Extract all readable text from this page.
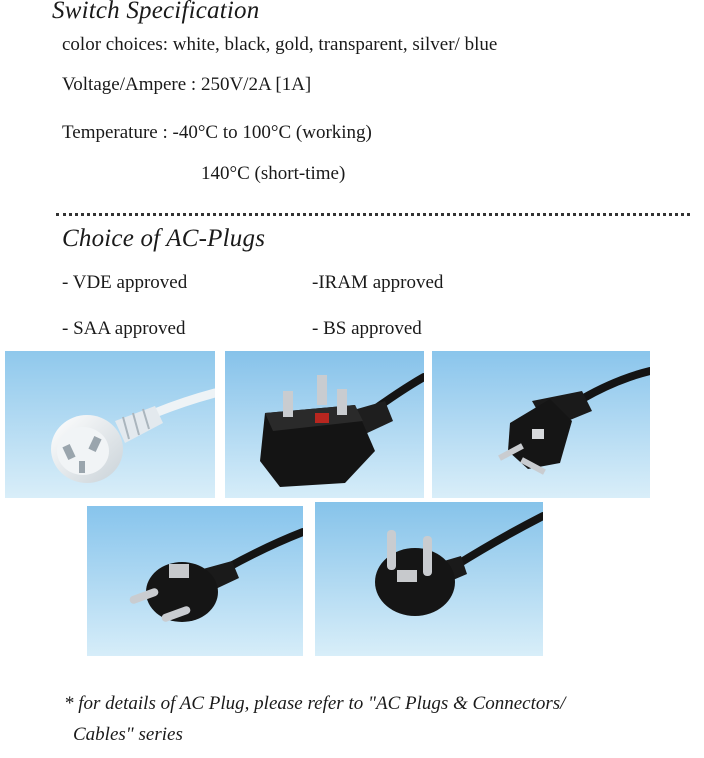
Switch Specification
color choices: white, black, gold, transparent, silver/ blue
Voltage/Ampere : 250V/2A [1A]
Temperature : -40°C to 100°C (working)
140°C (short-time)
Choice of AC-Plugs
- VDE approved	-IRAM approved
- SAA approved	- BS approved
* for details of AC Plug, please refer to "AC Plugs & Connectors/
Cables" series
